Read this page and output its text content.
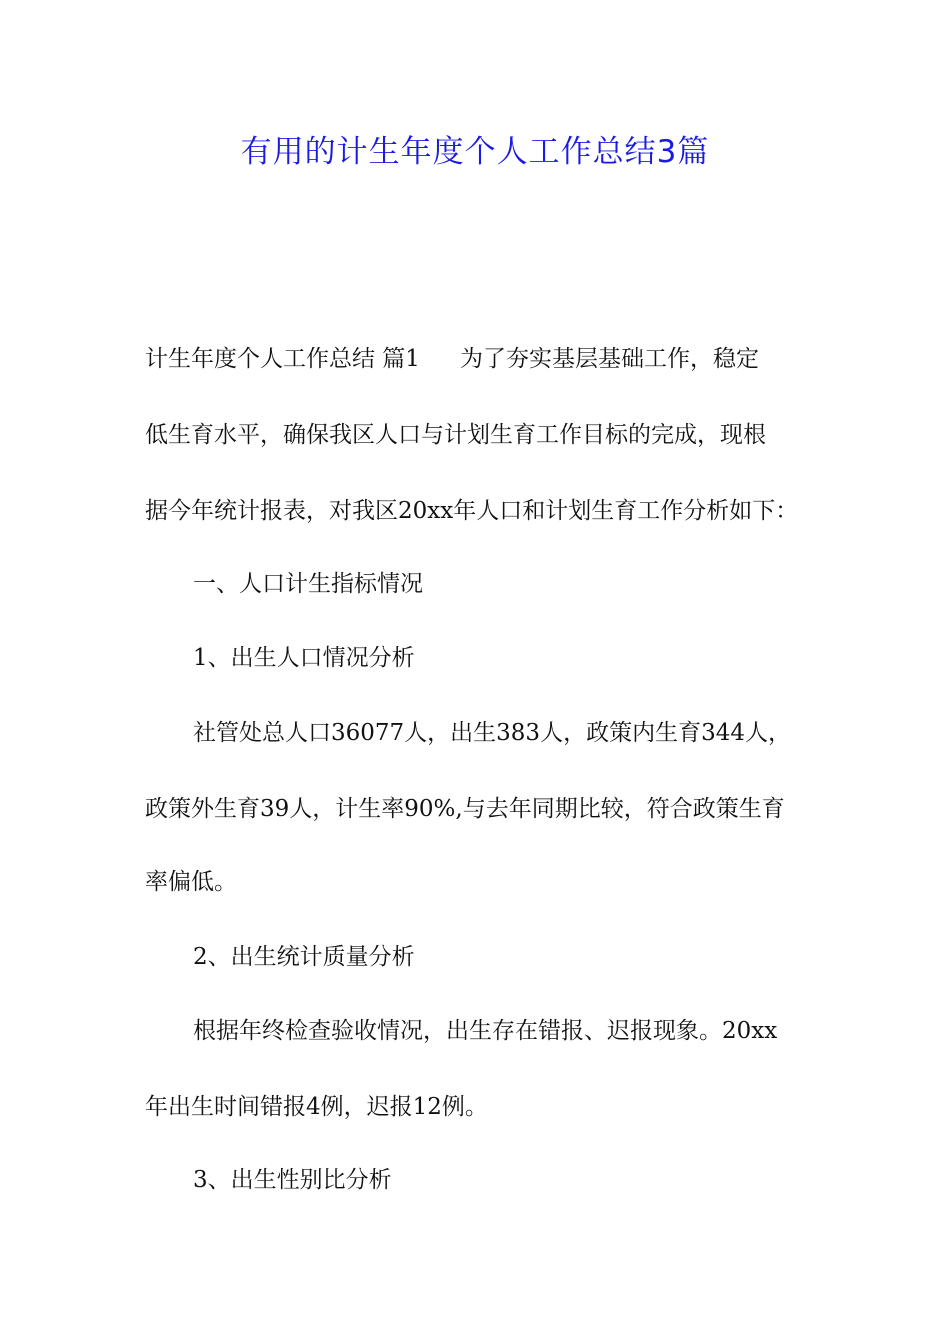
有用的计生年度个人工作总结3篇

计生年度个人工作总结 篇1 为了夯实基层基础工作，稳定

低生育水平，确保我区人口与计划生育工作目标的完成，现根

据今年统计报表，对我区20xx年人口和计划生育工作分析如下：

一、人口计生指标情况

1、出生人口情况分析

社管处总人口36077人，出生383人，政策内生育344人，

政策外生育39人，计生率90%,与去年同期比较，符合政策生育

率偏低。

2、出生统计质量分析

根据年终检查验收情况，出生存在错报、迟报现象。20xx

年出生时间错报4例，迟报12例。

3、出生性别比分析
